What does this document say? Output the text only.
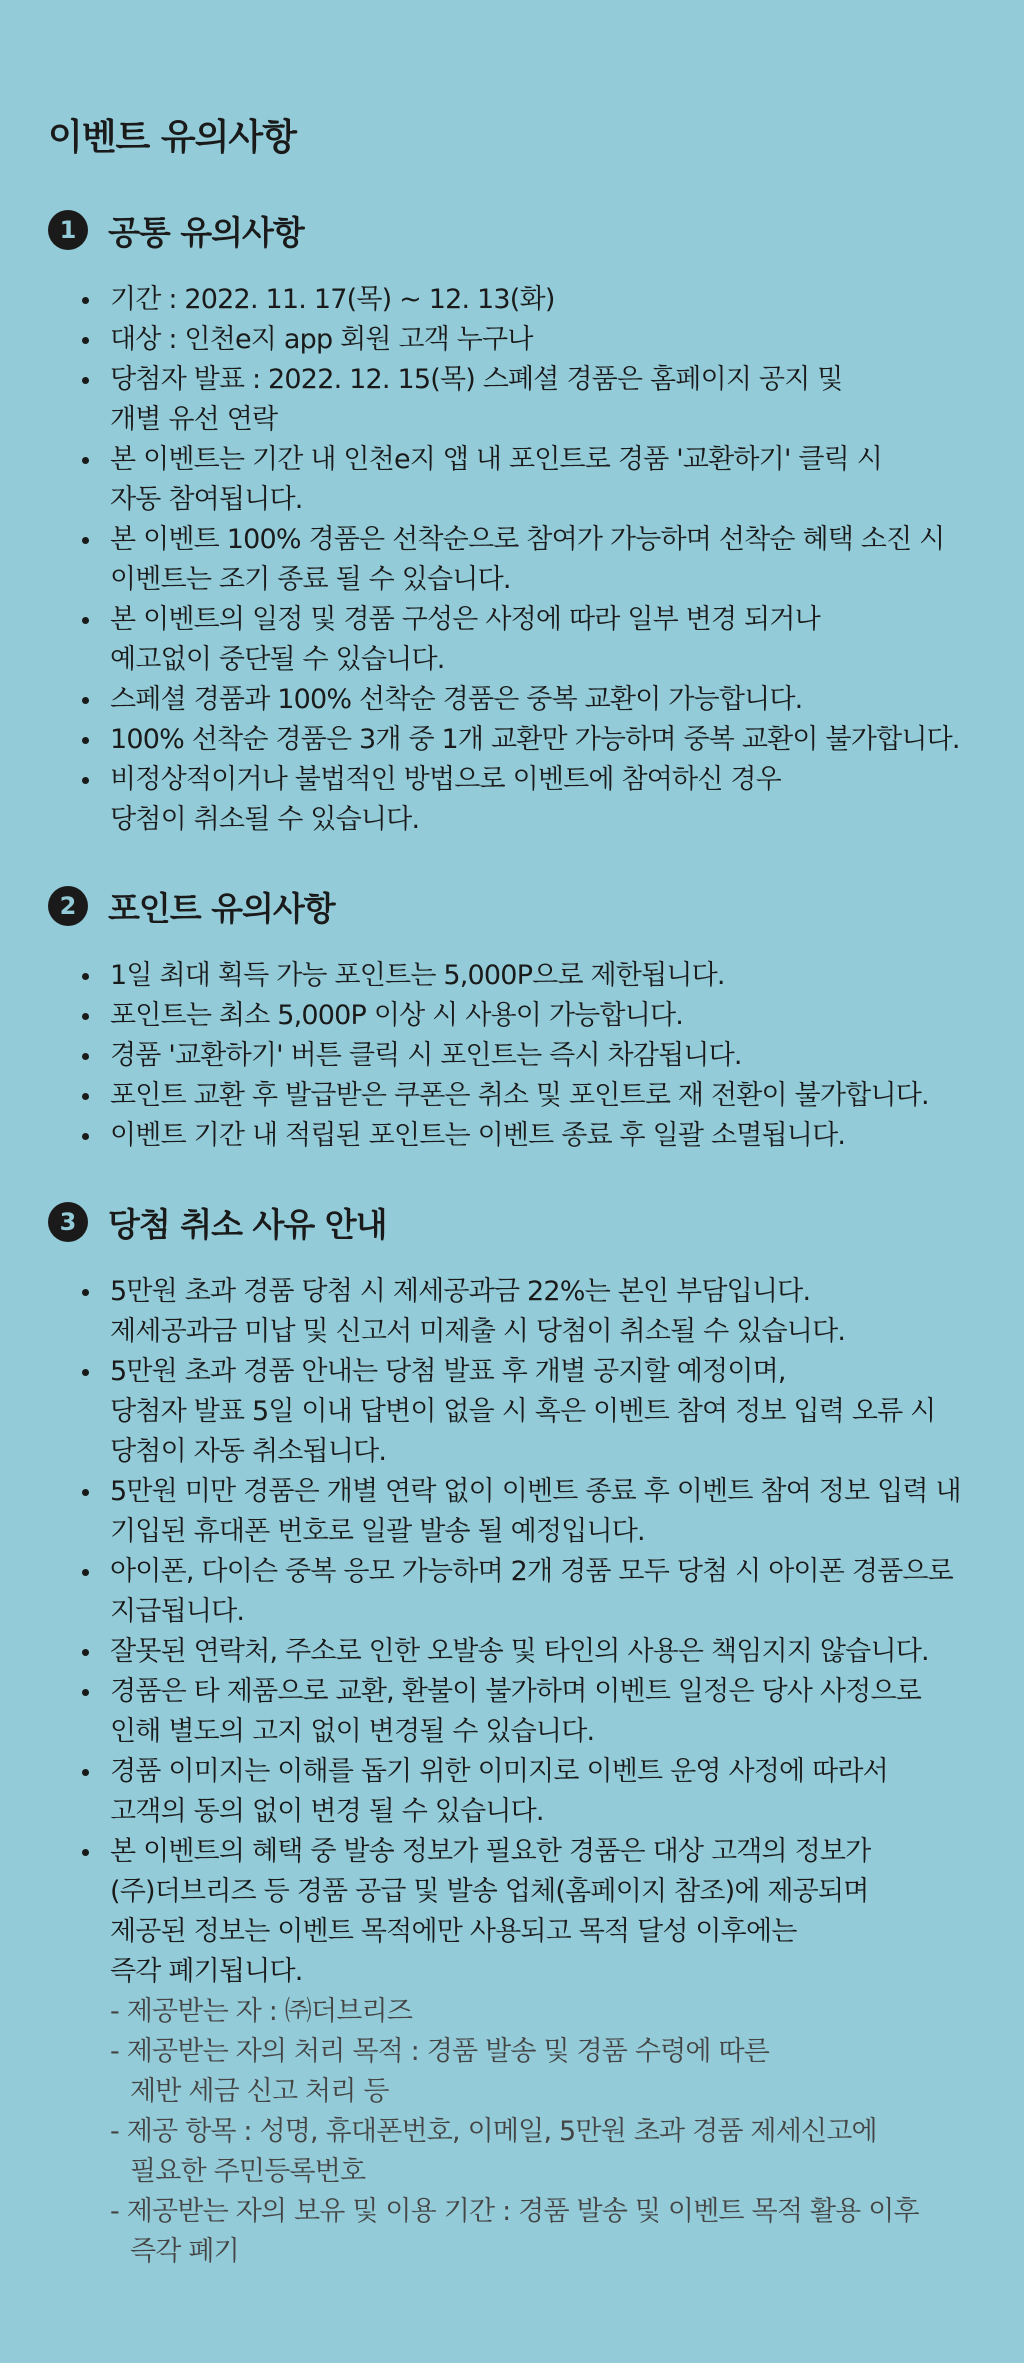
이벤트 유의사항
1 공통 유의사항
기간 : 2022. 11. 17(목) ~ 12. 13(화)
대상 : 인천e지 app 회원 고객 누구나
당첨자 발표 : 2022. 12. 15(목) 스폐셜 경품은 홈페이지 공지 및
개별 유선 연락
본 이벤트는 기간 내 인천e지 앱 내 포인트로 경품 '교환하기' 클릭 시
자동 참여됩니다.
본 이벤트 100% 경품은 선착순으로 참여가 가능하며 선착순 혜택 소진 시
이벤트는 조기 종료 될 수 있습니다.
본 이벤트의 일정 및 경품 구성은 사정에 따라 일부 변경 되거나
예고없이 중단될 수 있습니다.
스페셜 경품과 100% 선착순 경품은 중복 교환이 가능합니다.
100% 선착순 경품은 3개 중 1개 교환만 가능하며 중복 교환이 불가합니다.
비정상적이거나 불법적인 방법으로 이벤트에 참여하신 경우
당첨이 취소될 수 있습니다.
2 포인트 유의사항
1일 최대 획득 가능 포인트는 5,000P으로 제한됩니다.
포인트는 최소 5,000P 이상 시 사용이 가능합니다.
경품 '교환하기' 버튼 클릭 시 포인트는 즉시 차감됩니다.
포인트 교환 후 발급받은 쿠폰은 취소 및 포인트로 재 전환이 불가합니다.
이벤트 기간 내 적립된 포인트는 이벤트 종료 후 일괄 소멸됩니다.
3 당첨 취소 사유 안내
5만원 초과 경품 당첨 시 제세공과금 22%는 본인 부담입니다.
제세공과금 미납 및 신고서 미제출 시 당첨이 취소될 수 있습니다.
5만원 초과 경품 안내는 당첨 발표 후 개별 공지할 예정이며,
당첨자 발표 5일 이내 답변이 없을 시 혹은 이벤트 참여 정보 입력 오류 시
당첨이 자동 취소됩니다.
5만원 미만 경품은 개별 연락 없이 이벤트 종료 후 이벤트 참여 정보 입력 내
기입된 휴대폰 번호로 일괄 발송 될 예정입니다.
아이폰, 다이슨 중복 응모 가능하며 2개 경품 모두 당첨 시 아이폰 경품으로
지급됩니다.
잘못된 연락처, 주소로 인한 오발송 및 타인의 사용은 책임지지 않습니다.
경품은 타 제품으로 교환, 환불이 불가하며 이벤트 일정은 당사 사정으로
인해 별도의 고지 없이 변경될 수 있습니다.
경품 이미지는 이해를 돕기 위한 이미지로 이벤트 운영 사정에 따라서
고객의 동의 없이 변경 될 수 있습니다.
본 이벤트의 혜택 중 발송 정보가 필요한 경품은 대상 고객의 정보가
(주)더브리즈 등 경품 공급 및 발송 업체(홈페이지 참조)에 제공되며
제공된 정보는 이벤트 목적에만 사용되고 목적 달성 이후에는
즉각 폐기됩니다.
- 제공받는 자 : ㈜더브리즈
- 제공받는 자의 처리 목적 : 경품 발송 및 경품 수령에 따른
제반 세금 신고 처리 등
- 제공 항목 : 성명, 휴대폰번호, 이메일, 5만원 초과 경품 제세신고에
필요한 주민등록번호
- 제공받는 자의 보유 및 이용 기간 : 경품 발송 및 이벤트 목적 활용 이후
즉각 폐기
